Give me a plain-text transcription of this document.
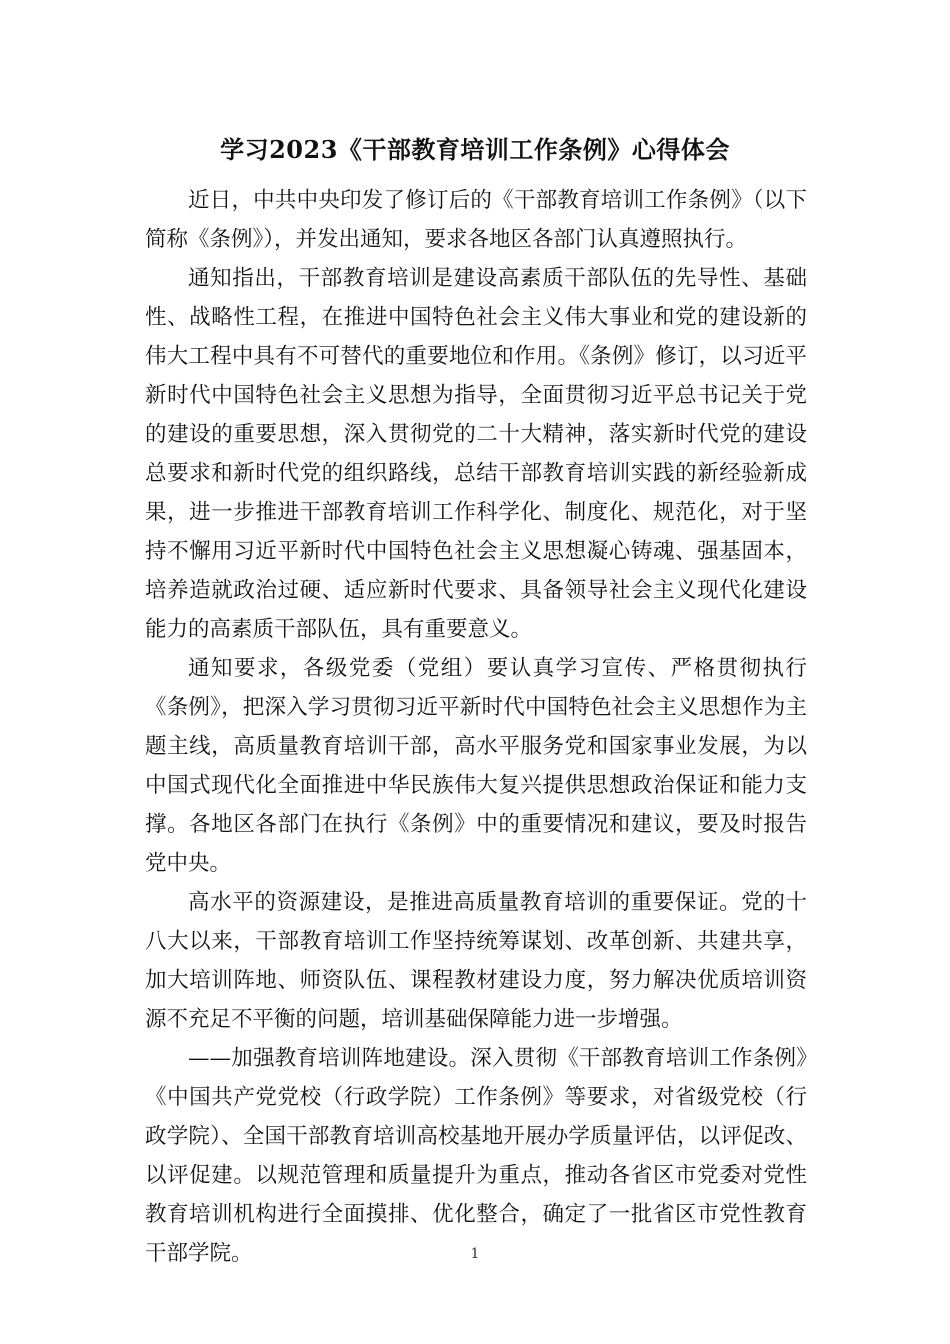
学习2023《干部教育培训工作条例》心得体会

近日，中共中央印发了修订后的《干部教育培训工作条例》（以下简称《条例》），并发出通知，要求各地区各部门认真遵照执行。

通知指出，干部教育培训是建设高素质干部队伍的先导性、基础性、战略性工程，在推进中国特色社会主义伟大事业和党的建设新的伟大工程中具有不可替代的重要地位和作用。《条例》修订，以习近平新时代中国特色社会主义思想为指导，全面贯彻习近平总书记关于党的建设的重要思想，深入贯彻党的二十大精神，落实新时代党的建设总要求和新时代党的组织路线，总结干部教育培训实践的新经验新成果，进一步推进干部教育培训工作科学化、制度化、规范化，对于坚持不懈用习近平新时代中国特色社会主义思想凝心铸魂、强基固本，培养造就政治过硬、适应新时代要求、具备领导社会主义现代化建设能力的高素质干部队伍，具有重要意义。

通知要求，各级党委（党组）要认真学习宣传、严格贯彻执行《条例》，把深入学习贯彻习近平新时代中国特色社会主义思想作为主题主线，高质量教育培训干部，高水平服务党和国家事业发展，为以中国式现代化全面推进中华民族伟大复兴提供思想政治保证和能力支撑。各地区各部门在执行《条例》中的重要情况和建议，要及时报告党中央。

高水平的资源建设，是推进高质量教育培训的重要保证。党的十八大以来，干部教育培训工作坚持统筹谋划、改革创新、共建共享，加大培训阵地、师资队伍、课程教材建设力度，努力解决优质培训资源不充足不平衡的问题，培训基础保障能力进一步增强。

——加强教育培训阵地建设。深入贯彻《干部教育培训工作条例》《中国共产党党校（行政学院）工作条例》等要求，对省级党校（行政学院）、全国干部教育培训高校基地开展办学质量评估，以评促改、以评促建。以规范管理和质量提升为重点，推动各省区市党委对党性教育培训机构进行全面摸排、优化整合，确定了一批省区市党性教育干部学院。	1
